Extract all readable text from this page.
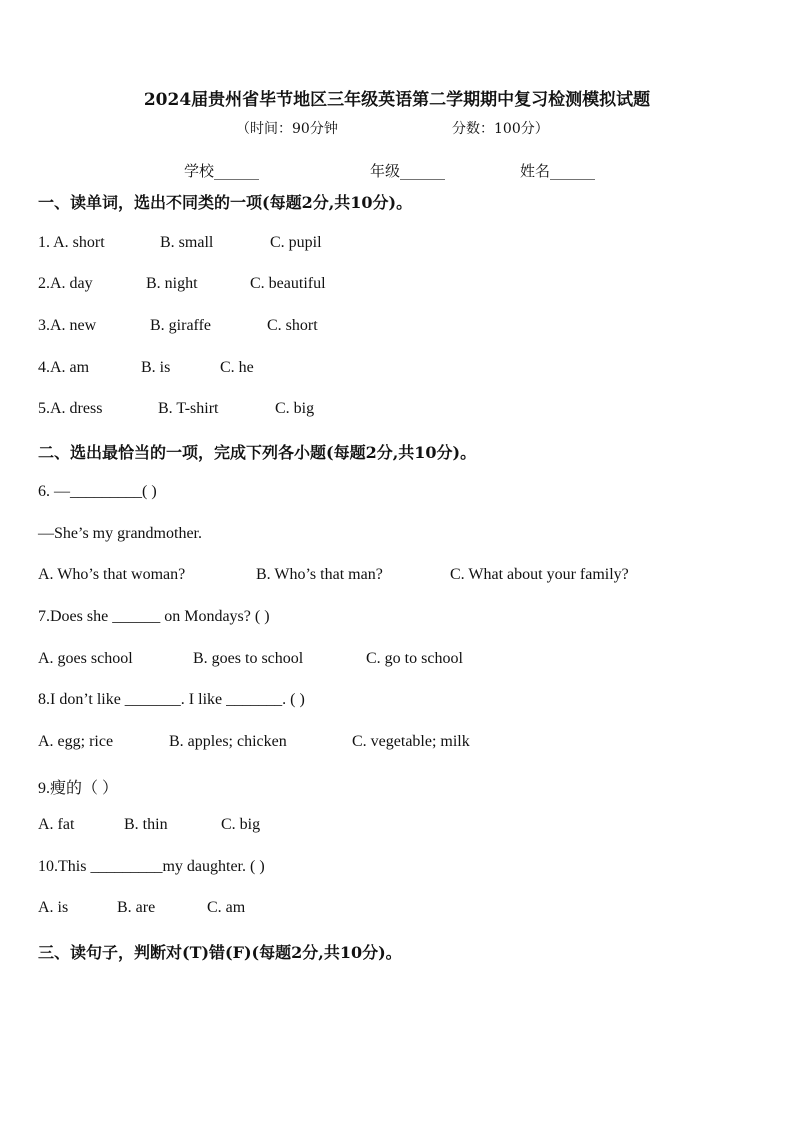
2024届贵州省毕节地区三年级英语第二学期期中复习检测模拟试题
（时间：90分钟	分数：100分）
学校______	年级______	姓名______
一、读单词，选出不同类的一项(每题2分,共10分)。
1. A. short	B. small	C. pupil
2.A. day	B. night	C. beautiful
3.A. new	B. giraffe	C. short
4.A. am	B. is	C. he
5.A. dress	B. T-shirt	C. big
二、选出最恰当的一项，完成下列各小题(每题2分,共10分)。
6. —_________( )
—She’s my grandmother.
A. Who’s that woman?	B. Who’s that man?	C. What about your family?
7.Does she ______ on Mondays? ( )
A. goes school	B. goes to school	C. go to school
8.I don’t like _______. I like _______. ( )
A. egg; rice	B. apples; chicken	C. vegetable; milk
9.瘦的（ ）
A. fat	B. thin	C. big
10.This _________my daughter. ( )
A. is	B. are	C. am
三、读句子，判断对(T)错(F)(每题2分,共10分)。
